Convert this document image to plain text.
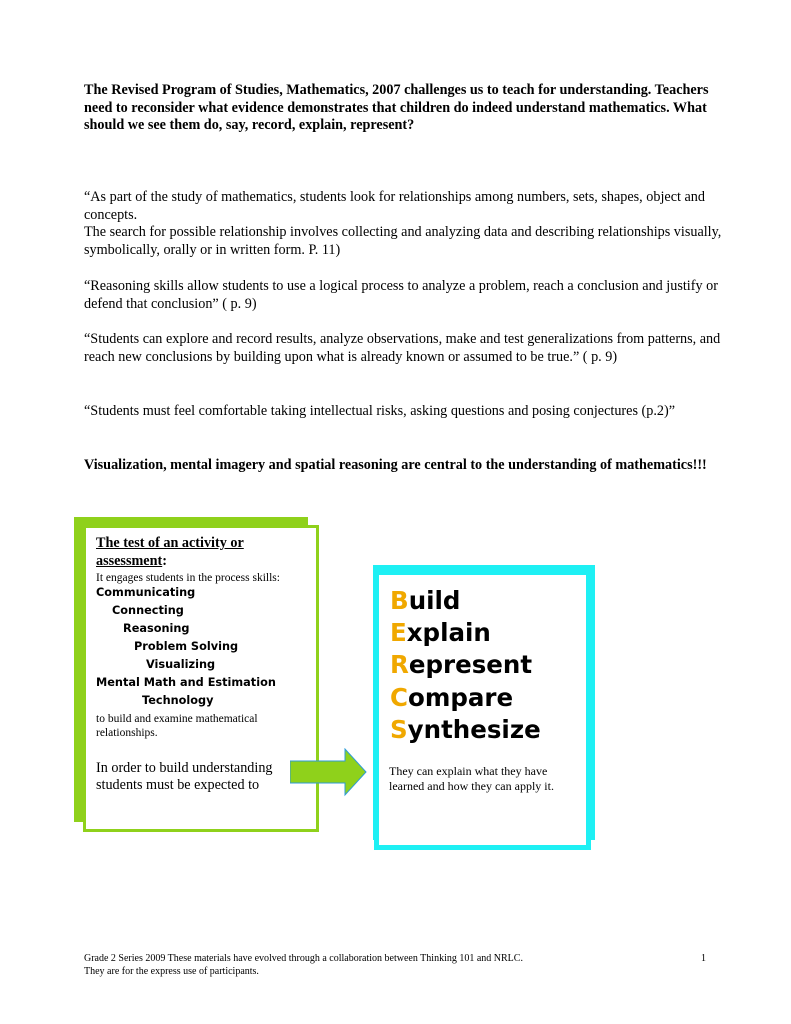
The Revised Program of Studies, Mathematics, 2007 challenges us to teach for understanding. Teachers need to reconsider what evidence demonstrates that children do indeed understand mathematics. What should we see them do, say, record, explain, represent?
“As part of the study of mathematics, students look for relationships among numbers, sets, shapes, object and concepts.
The search for possible relationship involves collecting and analyzing data and describing relationships visually, symbolically, orally or in written form. P. 11)
“Reasoning skills allow students to use a logical process to analyze a problem, reach a conclusion and justify or defend that conclusion” ( p. 9)
“Students can explore and record results, analyze observations, make and test generalizations from patterns, and reach new conclusions by building upon what is already known or assumed to be true.” ( p. 9)
“Students must feel comfortable taking intellectual risks, asking questions and posing conjectures (p.2)”
Visualization, mental imagery and spatial reasoning are central to the understanding of mathematics!!!
The test of an activity or assessment:
It engages students in the process skills:
Communicating
Connecting
Reasoning
Problem Solving
Visualizing
Mental Math and Estimation
Technology
to build and examine mathematical relationships.
In order to build understanding students must be expected to
Build
Explain
Represent
Compare
Synthesize
They can explain what they have learned and how they can apply it.
Grade 2 Series 2009 These materials have evolved through a collaboration between Thinking 101 and NRLC.
They are for the express use of participants.
1
